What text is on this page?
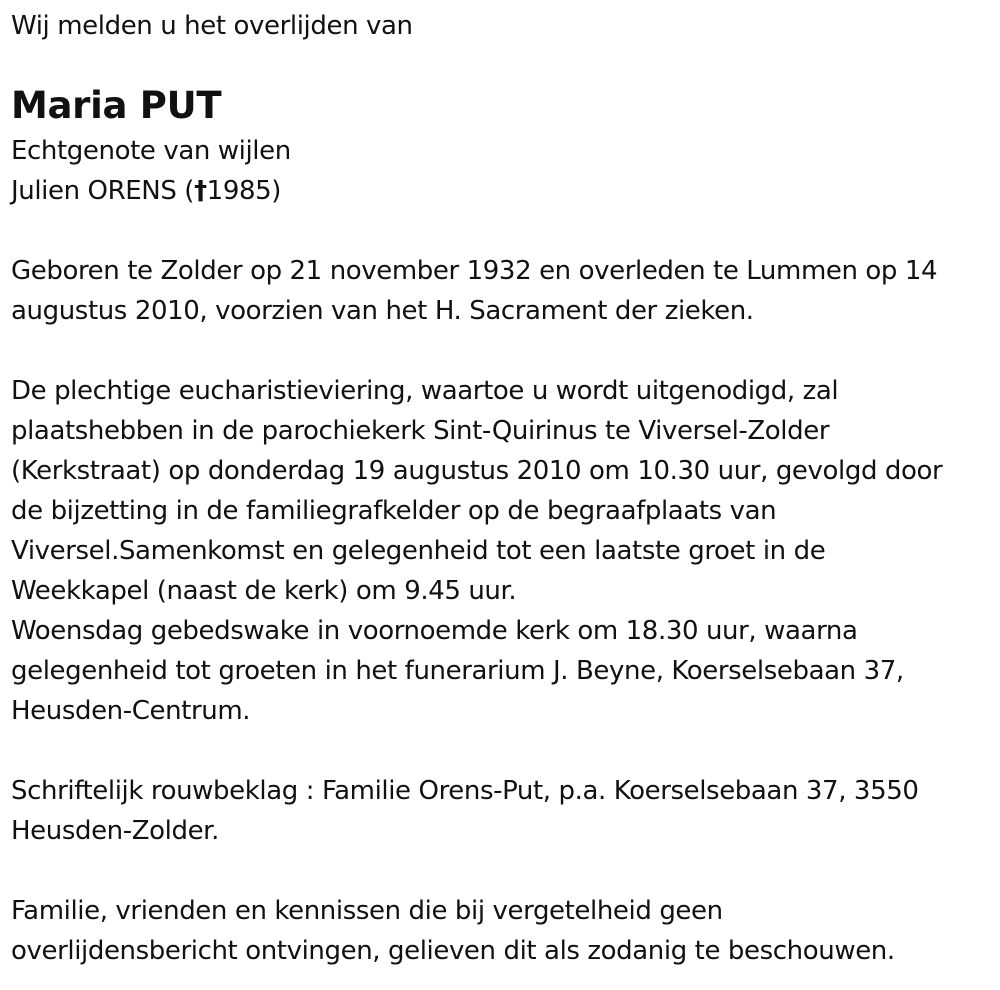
Wij melden u het overlijden van
Maria PUT
Echtgenote van wijlen
Julien ORENS (†1985)
Geboren te Zolder op 21 november 1932 en overleden te Lummen op 14
augustus 2010, voorzien van het H. Sacrament der zieken.
De plechtige eucharistieviering, waartoe u wordt uitgenodigd, zal
plaatshebben in de parochiekerk Sint-Quirinus te Viversel-Zolder
(Kerkstraat) op donderdag 19 augustus 2010 om 10.30 uur, gevolgd door
de bijzetting in de familiegrafkelder op de begraafplaats van
Viversel.Samenkomst en gelegenheid tot een laatste groet in de
Weekkapel (naast de kerk) om 9.45 uur.
Woensdag gebedswake in voornoemde kerk om 18.30 uur, waarna
gelegenheid tot groeten in het funerarium J. Beyne, Koerselsebaan 37,
Heusden-Centrum.
Schriftelijk rouwbeklag : Familie Orens-Put, p.a. Koerselsebaan 37, 3550
Heusden-Zolder.
Familie, vrienden en kennissen die bij vergetelheid geen
overlijdensbericht ontvingen, gelieven dit als zodanig te beschouwen.
